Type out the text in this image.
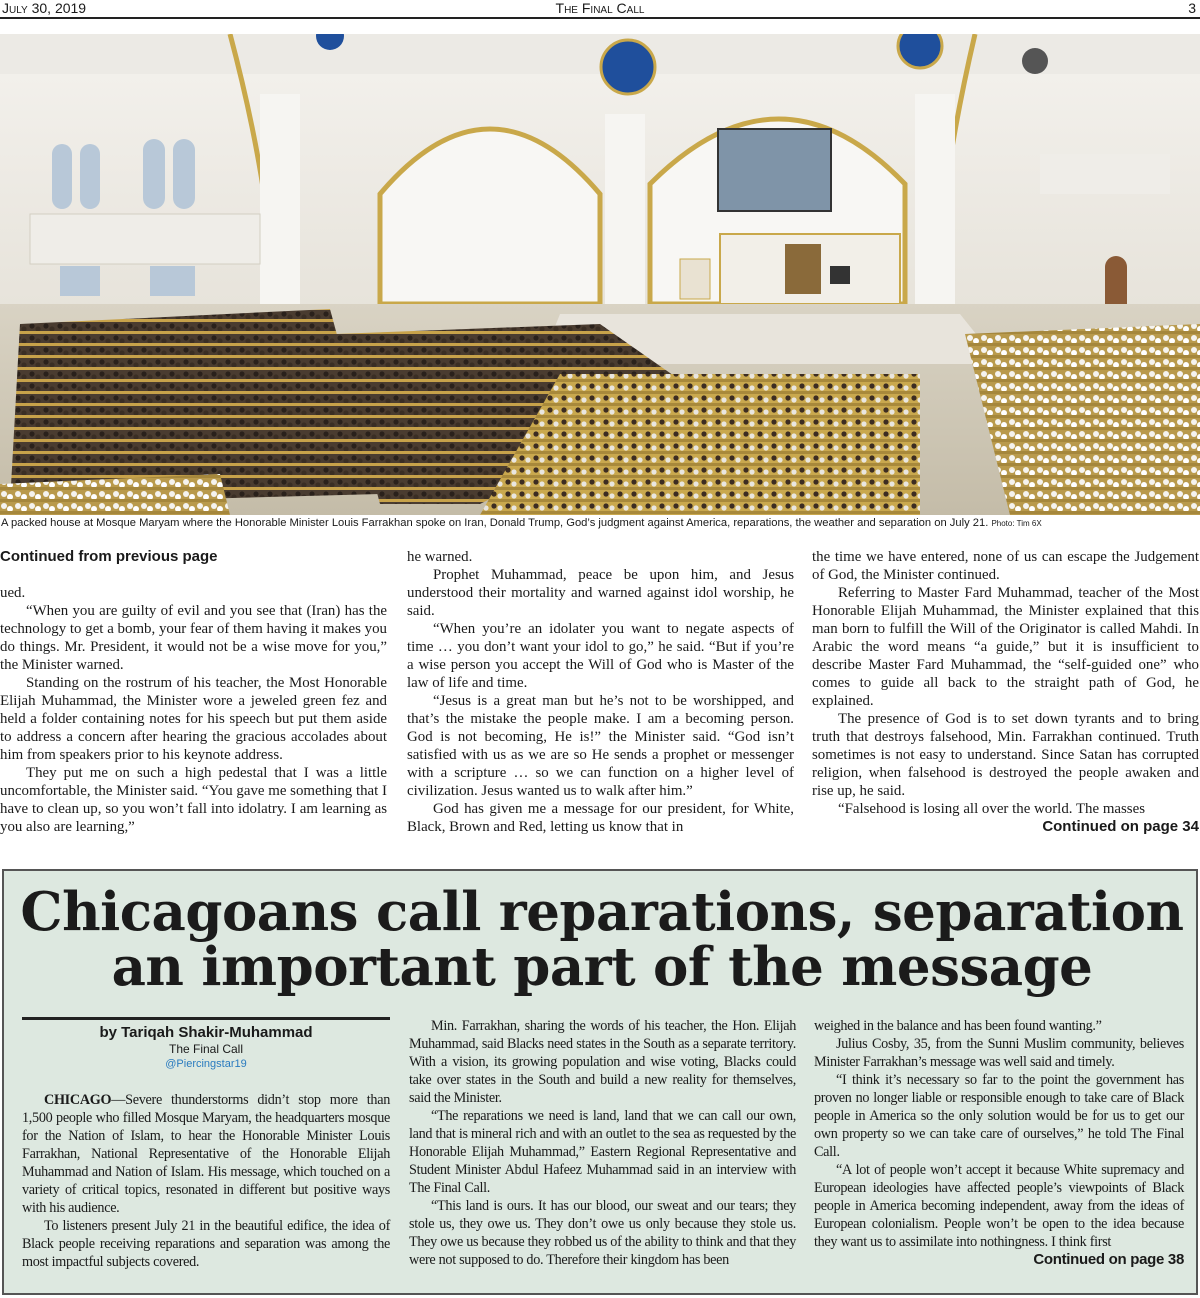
July 30, 2019	The Final Call	3
A packed house at Mosque Maryam where the Honorable Minister Louis Farrakhan spoke on Iran, Donald Trump, God’s judgment against America, reparations, the weather and separation on July 21. Photo: Tim 6X
Continued from previous page

ued.

“When you are guilty of evil and you see that (Iran) has the technology to get a bomb, your fear of them having it makes you do things. Mr. President, it would not be a wise move for you,” the Minister warned.

Standing on the rostrum of his teacher, the Most Honorable Elijah Muhammad, the Minister wore a jeweled green fez and held a folder containing notes for his speech but put them aside to address a concern after hearing the gracious accolades about him from speakers prior to his keynote address.

They put me on such a high pedestal that I was a little uncomfortable, the Minister said. “You gave me something that I have to clean up, so you won’t fall into idolatry. I am learning as you also are learning,”

he warned.

Prophet Muhammad, peace be upon him, and Jesus understood their mortality and warned against idol worship, he said.

“When you’re an idolater you want to negate aspects of time … you don’t want your idol to go,” he said. “But if you’re a wise person you accept the Will of God who is Master of the law of life and time.

“Jesus is a great man but he’s not to be worshipped, and that’s the mistake the people make. I am a becoming person. God is not becoming, He is!” the Minister said. “God isn’t satisfied with us as we are so He sends a prophet or messenger with a scripture … so we can function on a higher level of civilization. Jesus wanted us to walk after him.”

God has given me a message for our president, for White, Black, Brown and Red, letting us know that in

the time we have entered, none of us can escape the Judgement of God, the Minister continued.

Referring to Master Fard Muhammad, teacher of the Most Honorable Elijah Muhammad, the Minister explained that this man born to fulfill the Will of the Originator is called Mahdi. In Arabic the word means “a guide,” but it is insufficient to describe Master Fard Muhammad, the “self-guided one” who comes to guide all back to the straight path of God, he explained.

The presence of God is to set down tyrants and to bring truth that destroys falsehood, Min. Farrakhan continued. Truth sometimes is not easy to understand. Since Satan has corrupted religion, when falsehood is destroyed the people awaken and rise up, he said.

“Falsehood is losing all over the world. The masses

Continued on page 34
Chicagoans call reparations, separation
an important part of the message
by Tariqah Shakir-Muhammad
The Final Call
@Piercingstar19

CHICAGO—Severe thunderstorms didn’t stop more than 1,500 people who filled Mosque Maryam, the headquarters mosque for the Nation of Islam, to hear the Honorable Minister Louis Farrakhan, National Representative of the Honorable Elijah Muhammad and Nation of Islam. His message, which touched on a variety of critical topics, resonated in different but positive ways with his audience.

To listeners present July 21 in the beautiful edifice, the idea of Black people receiving reparations and separation was among the most impactful subjects covered.

Min. Farrakhan, sharing the words of his teacher, the Hon. Elijah Muhammad, said Blacks need states in the South as a separate territory. With a vision, its growing population and wise voting, Blacks could take over states in the South and build a new reality for themselves, said the Minister.

“The reparations we need is land, land that we can call our own, land that is mineral rich and with an outlet to the sea as requested by the Honorable Elijah Muhammad,” Eastern Regional Representative and Student Minister Abdul Hafeez Muhammad said in an interview with The Final Call.

“This land is ours. It has our blood, our sweat and our tears; they stole us, they owe us. They don’t owe us only because they stole us. They owe us because they robbed us of the ability to think and that they were not supposed to do. Therefore their kingdom has been

weighed in the balance and has been found wanting.”

Julius Cosby, 35, from the Sunni Muslim community, believes Minister Farrakhan’s message was well said and timely.

“I think it’s necessary so far to the point the government has proven no longer liable or responsible enough to take care of Black people in America so the only solution would be for us to get our own property so we can take care of ourselves,” he told The Final Call.

“A lot of people won’t accept it because White supremacy and European ideologies have affected people’s viewpoints of Black people in America becoming independent, away from the ideas of European colonialism. People won’t be open to the idea because they want us to assimilate into nothingness. I think first

Continued on page 38
